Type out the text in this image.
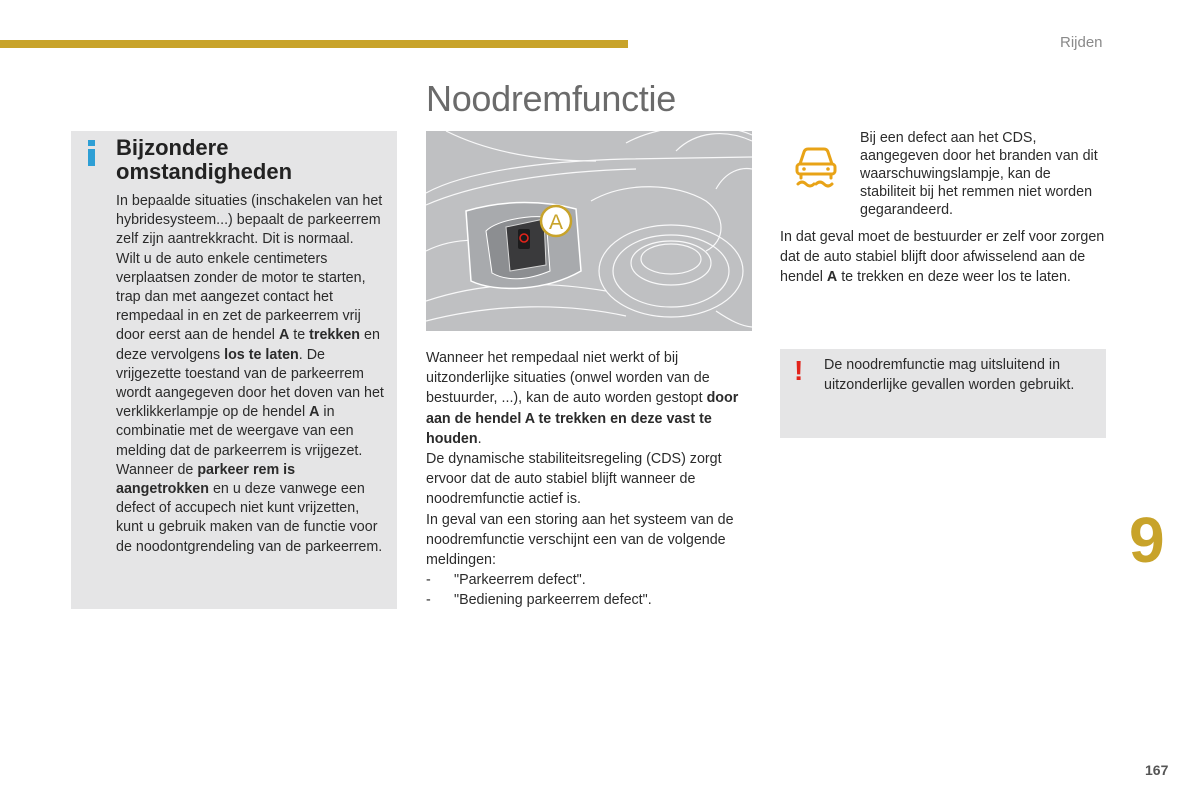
Rijden
Noodremfunctie
Bijzondere omstandigheden
In bepaalde situaties (inschakelen van het hybridesysteem...) bepaalt de parkeerrem zelf zijn aantrekkracht. Dit is normaal.
Wilt u de auto enkele centimeters verplaatsen zonder de motor te starten, trap dan met aangezet contact het rempedaal in en zet de parkeerrem vrij door eerst aan de hendel A te trekken en deze vervolgens los te laten. De vrijgezette toestand van de parkeerrem wordt aangegeven door het doven van het verklikkerlampje op de hendel A in combinatie met de weergave van een melding dat de parkeerrem is vrijgezet.
Wanneer de parkeer rem is aangetrokken en u deze vanwege een defect of accupech niet kunt vrijzetten, kunt u gebruik maken van de functie voor de noodontgrendeling van de parkeerrem.
A

Wanneer het rempedaal niet werkt of bij uitzonderlijke situaties (onwel worden van de bestuurder, ...), kan de auto worden gestopt door aan de hendel A te trekken en deze vast te houden.

De dynamische stabiliteitsregeling (CDS) zorgt ervoor dat de auto stabiel blijft wanneer de noodremfunctie actief is.

In geval van een storing aan het systeem van de noodremfunctie verschijnt een van de volgende meldingen:

-	"Parkeerrem defect".
-	"Bediening parkeerrem defect".
Bij een defect aan het CDS, aangegeven door het branden van dit waarschuwingslampje, kan de stabiliteit bij het remmen niet worden gegarandeerd.
In dat geval moet de bestuurder er zelf voor zorgen dat de auto stabiel blijft door afwisselend aan de hendel A te trekken en deze weer los te laten.
! De noodremfunctie mag uitsluitend in uitzonderlijke gevallen worden gebruikt.
9
167
